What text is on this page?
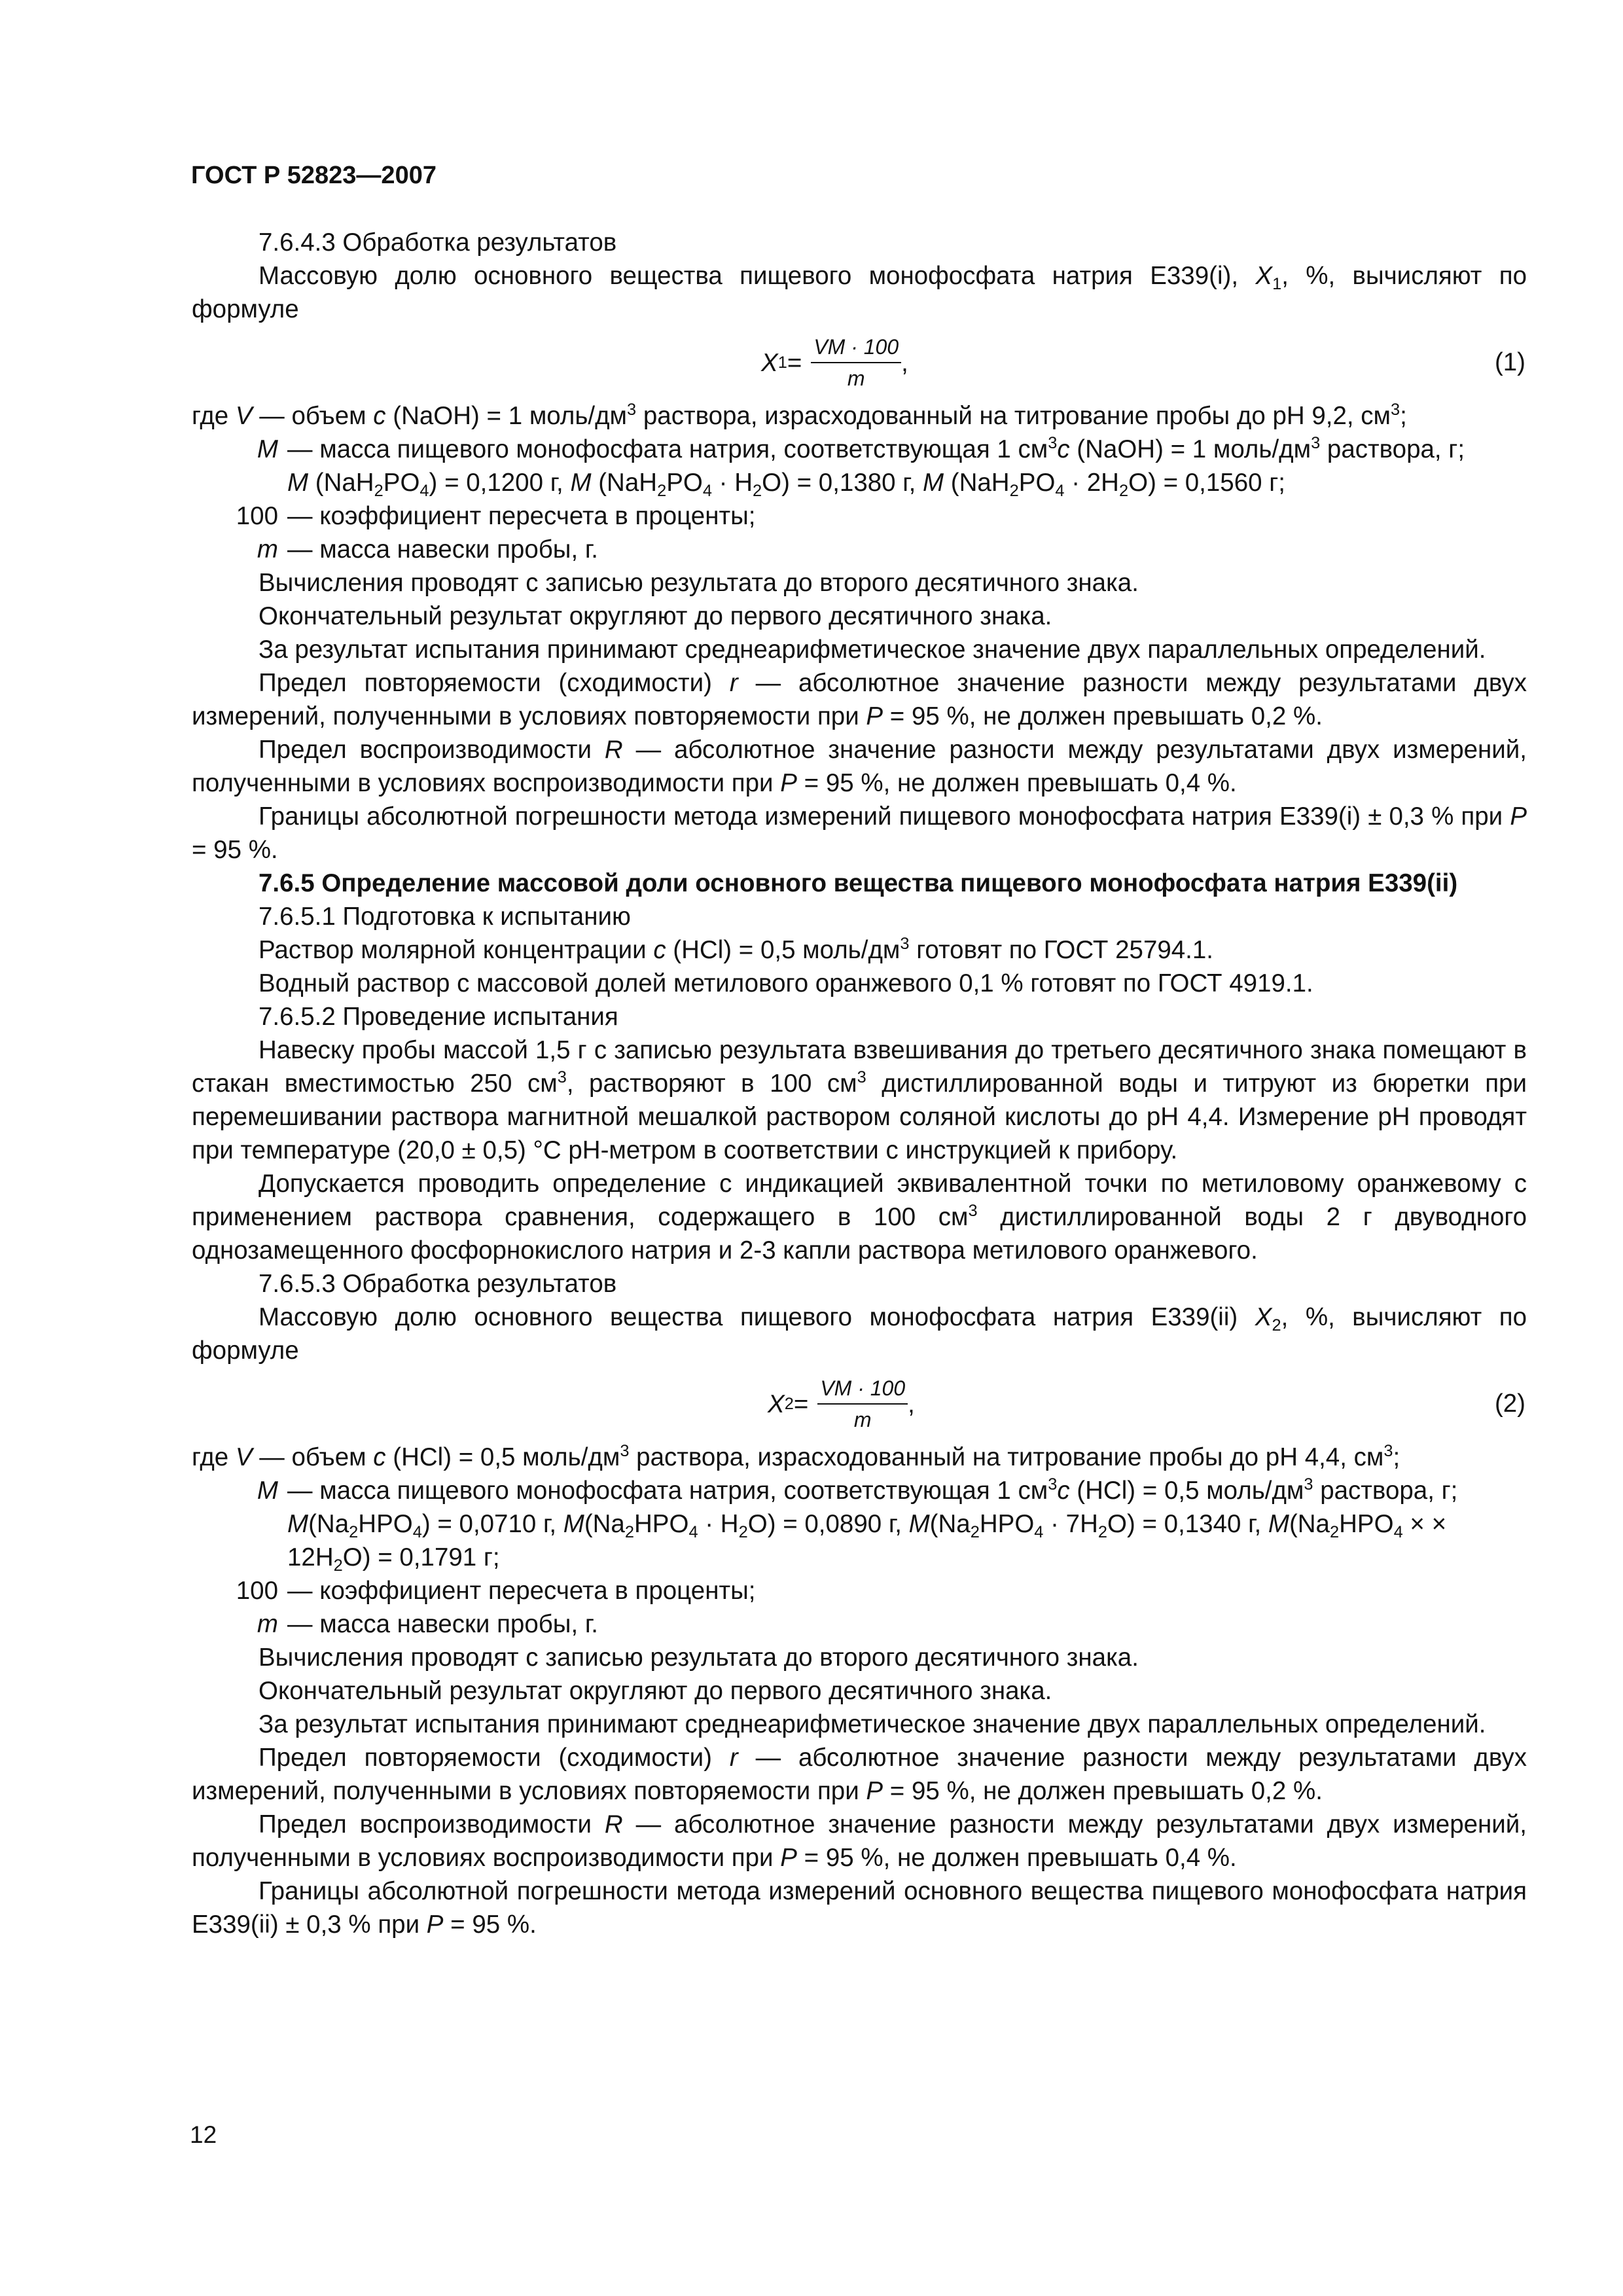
ГОСТ Р 52823—2007

7.6.4.3 Обработка результатов

Массовую долю основного вещества пищевого монофосфата натрия E339(i), $X_1$, %, вычисляют по формуле

X $1 = \frac{VM \cdot 100}{m}$ ,	(1)

где V — объем c (NaOH) = 1 моль/$дм^3$ раствора, израсходованный на титрование пробы до рН 9,2, $см^3$;

M — масса пищевого монофосфата натрия, соответствующая 1 $см^3c$ (NaOH) = 1 моль/$дм^3$ раствора, г;
M $(NaH_2PO_4) = 0,1200$ г, M $(NaH_2PO_4 \cdot H_2O) = 0,1380$ г, M $(NaH_2PO_4 \cdot 2H_2O) = 0,1560$ г;
100 — коэффициент пересчета в проценты;
m — масса навески пробы, г.

Вычисления проводят с записью результата до второго десятичного знака.

Окончательный результат округляют до первого десятичного знака.

За результат испытания принимают среднеарифметическое значение двух параллельных определений.

Предел повторяемости (сходимости) r — абсолютное значение разности между результатами двух измерений, полученными в условиях повторяемости при P = 95 %, не должен превышать 0,2 %.

Предел воспроизводимости R — абсолютное значение разности между результатами двух измерений, полученными в условиях воспроизводимости при P = 95 %, не должен превышать 0,4 %.

Границы абсолютной погрешности метода измерений пищевого монофосфата натрия E339(i) ± 0,3 % при P = 95 %.

7.6.5 Определение массовой доли основного вещества пищевого монофосфата натрия E339(ii)

7.6.5.1 Подготовка к испытанию

Раствор молярной концентрации c (HCl) = 0,5 моль/$дм^3$ готовят по ГОСТ 25794.1.

Водный раствор с массовой долей метилового оранжевого 0,1 % готовят по ГОСТ 4919.1.

7.6.5.2 Проведение испытания

Навеску пробы массой 1,5 г с записью результата взвешивания до третьего десятичного знака помещают в стакан вместимостью 250 $см^3$, растворяют в 100 $см^3$ дистиллированной воды и титруют из бюретки при перемешивании раствора магнитной мешалкой раствором соляной кислоты до рН 4,4. Измерение рН проводят при температуре (20,0 ± 0,5) °C рН-метром в соответствии с инструкцией к прибору.

Допускается проводить определение с индикацией эквивалентной точки по метиловому оранжевому с применением раствора сравнения, содержащего в 100 $см^3$ дистиллированной воды 2 г двуводного однозамещенного фосфорнокислого натрия и 2-3 капли раствора метилового оранжевого.

7.6.5.3 Обработка результатов

Массовую долю основного вещества пищевого монофосфата натрия E339(ii) $X_2$, %, вычисляют по формуле

X $2 = \frac{VM \cdot 100}{m}$ ,	(2)

где V — объем c (HCl) = 0,5 моль/$дм^3$ раствора, израсходованный на титрование пробы до рН 4,4, $см^3$;

M — масса пищевого монофосфата натрия, соответствующая 1 $см^3c$ (HCl) = 0,5 моль/$дм^3$ раствора, г;
$M(Na_2HPO_4) = 0,0710$ г, $M(Na_2HPO_4 \cdot H_2O) = 0,0890$ г, $M(Na_2HPO_4 \cdot 7H_2O) = 0,1340$ г, $M(Na_2HPO_4$ × × $12H_2O) = 0,1791$ г;
100 — коэффициент пересчета в проценты;
m — масса навески пробы, г.

Вычисления проводят с записью результата до второго десятичного знака.

Окончательный результат округляют до первого десятичного знака.

За результат испытания принимают среднеарифметическое значение двух параллельных определений.

Предел повторяемости (сходимости) r — абсолютное значение разности между результатами двух измерений, полученными в условиях повторяемости при P = 95 %, не должен превышать 0,2 %.

Предел воспроизводимости R — абсолютное значение разности между результатами двух измерений, полученными в условиях воспроизводимости при P = 95 %, не должен превышать 0,4 %.

Границы абсолютной погрешности метода измерений основного вещества пищевого монофосфата натрия E339(ii) ± 0,3 % при P = 95 %.

12
